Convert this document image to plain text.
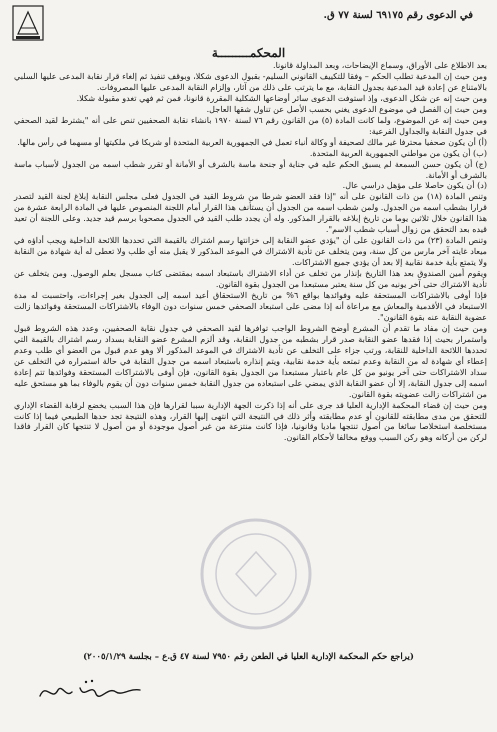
في الدعوى رقم ٦٩١٧٥ لسنة ٧٧ ق.
المحكمـــــــــة

بعد الاطلاع على الأوراق، وسماع الإيضاحات، وبعد المداولة قانونا.

ومن حيث إن المدعية تطلب الحكم – وفقا للتكييف القانوني السليم- بقبول الدعوى شكلا، وبوقف تنفيذ ثم إلغاء قرار نقابة المدعى عليها السلبي بالامتناع عن إعادة قيد المدعية بجدول النقابة، مع ما يترتب على ذلك من آثار، وإلزام النقابة المدعى عليها المصروفات.

ومن حيث إنه عن شكل الدعوى، وإذ استوفت الدعوى سائر أوضاعها الشكلية المقررة قانونا، فمن ثم فهي تغدو مقبولة شكلا.

ومن حيث إن الفصل في موضوع الدعوى يغني بحسب الأصل عن تناول شقها العاجل.

ومن حيث إنه عن الموضوع، ولما كانت المادة (٥) من القانون رقم ٧٦ لسنة ١٩٧٠ بانشاء نقابة الصحفيين تنص على أنه "يشترط لقيد الصحفي في جدول النقابة والجداول الفرعية:

(أ) أن يكون صحفيا محترفا غير مالك لصحيفة أو وكالة أنباء تعمل في الجمهورية العربية المتحدة أو شريكا في ملكيتها أو مسهما في رأس مالها.

(ب) أن يكون من مواطني الجمهورية العربية المتحدة.

(ج) أن يكون حسن السمعة لم يسبق الحكم عليه في جناية أو جنحة ماسة بالشرف أو الأمانة أو تقرر شطب اسمه من الجدول لأسباب ماسة بالشرف أو الأمانة.

(د) أن يكون حاصلا على مؤهل دراسي عال.

وتنص المادة (١٨) من ذات القانون على أنه "إذا فقد العضو شرطا من شروط القيد في الجدول فعلى مجلس النقابة إبلاغ لجنة القيد لتصدر قرارا بشطب اسمه من الجدول. ولمن شطب اسمه من الجدول أن يستأنف هذا القرار أمام اللجنة المنصوص عليها في المادة الرابعة عشرة من هذا القانون خلال ثلاثين يوما من تاريخ إبلاغه بالقرار المذكور. وله أن يجدد طلب القيد في الجدول مصحوبا برسم قيد جديد. وعلى اللجنة أن تعيد قيده بعد التحقق من زوال أسباب شطب الاسم".

وتنص المادة (٢٣) من ذات القانون على أن "يؤدي عضو النقابة إلى خزانتها رسم اشتراك بالقيمة التي تحددها اللائحة الداخلية ويجب أداؤه في ميعاد غايته آخر مارس من كل سنة، ومن يتخلف عن تأدية الاشتراك في الموعد المذكور لا يقبل منه أي طلب ولا تعطى له أية شهادة من النقابة ولا يتمتع بأية خدمة نقابية إلا بعد أن يؤدي جميع الاشتراكات.

ويقوم أمين الصندوق بعد هذا التاريخ بإنذار من تخلف عن أداء الاشتراك باستبعاد اسمه بمقتضى كتاب مسجل بعلم الوصول. ومن يتخلف عن تأدية الاشتراك حتى آخر يونيه من كل سنة يعتبر مستبعدا من الجدول بقوة القانون.

فإذا أوفى بالاشتراكات المستحقة عليه وفوائدها بواقع ٦% من تاريخ الاستحقاق أعيد اسمه إلى الجدول بغير إجراءات، واحتسبت له مدة الاستبعاد في الأقدمية والمعاش مع مراعاة أنه إذا مضى على استبعاد الصحفي خمس سنوات دون الوفاء بالاشتراكات المستحقة وفوائدها زالت عضوية النقابة عنه بقوة القانون".

ومن حيث إن مفاد ما تقدم أن المشرع أوضح الشروط الواجب توافرها لقيد الصحفي في جدول نقابة الصحفيين، وعدد هذه الشروط قبول واستمرار بحيث إذا فقدها عضو النقابة صدر قرار بشطبه من جدول النقابة، وقد ألزم المشرع عضو النقابة بسداد رسم اشتراك بالقيمة التي تحددها اللائحة الداخلية للنقابة، ورتب جزاء على التخلف عن تأدية الاشتراك في الموعد المذكور ألا وهو عدم قبول من العضو أي طلب وعدم إعطاء أي شهادة له من النقابة وعدم تمتعه بأية خدمة نقابية، ويتم إنذاره باستبعاد اسمه من جدول النقابة في حالة استمراره في التخلف عن سداد الاشتراكات حتى آخر يونيو من كل عام باعتبار مستبعدا من الجدول بقوة القانون، فإن أوفى بالاشتراكات المستحقة وفوائدها تتم إعادة اسمه إلى جدول النقابة، إلا أن عضو النقابة الذي يمضي على استبعاده من جدول النقابة خمس سنوات دون أن يقوم بالوفاء بما هو مستحق عليه من اشتراكات زالت عضويته بقوة القانون.

ومن حيث إن قضاء المحكمة الإدارية العليا قد جرى على أنه إذا ذكرت الجهة الإدارية سببا لقرارها فإن هذا السبب يخضع لرقابة القضاء الإداري للتحقق من مدى مطابقته للقانون أو عدم مطابقته وأثر ذلك في النتيجة التي انتهى إليها القرار، وهذه النتيجة تجد حدها الطبيعي فيما إذا كانت مستخلصة استخلاصا سائغا من أصول تنتجها ماديا وقانونيا، فإذا كانت منتزعة من غير أصول موجودة أو من أصول لا تنتجها كان القرار فاقدا لركن من أركانه وهو ركن السبب ووقع مخالفا لأحكام القانون.

(يراجع حكم المحكمة الإدارية العليا في الطعن رقم ٧٩٥٠ لسنة ٤٧ ق.ع – بجلسة ٢٠٠٥/١/٢٩)
